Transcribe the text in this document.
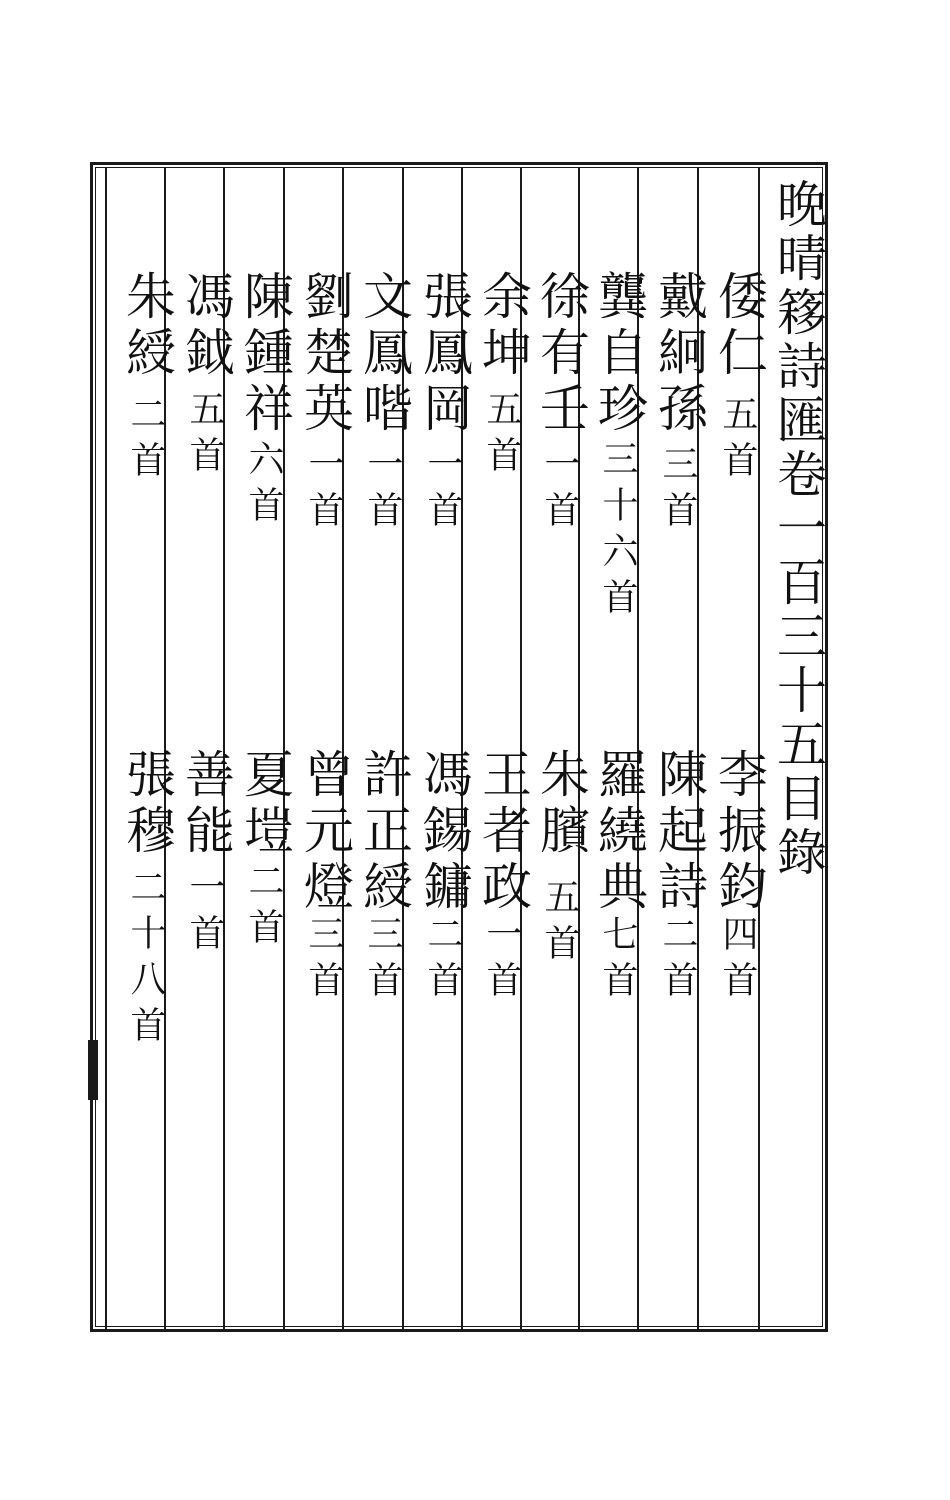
晚晴簃詩匯卷一百三十五目錄
倭仁
五首
李振鈞
四首
戴絅孫
三首
陳起詩
二首
龔自珍
三十六首
羅繞典
七首
徐有壬
一首
朱臏
五首
余坤
五首
王者政
一首
張鳳岡
一首
馮錫鏞
二首
文鳳喈
一首
許正綬
三首
劉楚英
一首
曾元燈
三首
陳鍾祥
六首
夏塏
二首
馮鉞
五首
善能
一首
朱綬
二首
張穆
二十八首
